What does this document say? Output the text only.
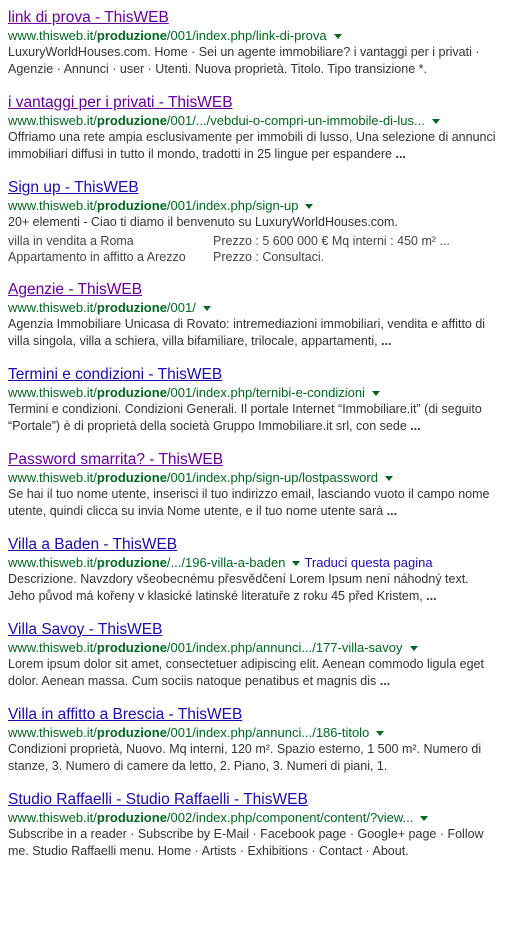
link di prova - ThisWEB
www.thisweb.it/produzione/001/index.php/link-di-prova
LuxuryWorldHouses.com. Home · Sei un agente immobiliare? i vantaggi per i privati ·
Agenzie · Annunci · user · Utenti. Nuova proprietà. Titolo. Tipo transizione *.
i vantaggi per i privati - ThisWEB
www.thisweb.it/produzione/001/.../vebdui-o-compri-un-immobile-di-lus...
Offriamo una rete ampia esclusivamente per immobili di lusso, Una selezione di annunci
immobiliari diffusi in tutto il mondo, tradotti in 25 lingue per espandere ...
Sign up - ThisWEB
www.thisweb.it/produzione/001/index.php/sign-up
20+ elementi - Ciao ti diamo il benvenuto su LuxuryWorldHouses.com.
villa in vendita a Roma	Prezzo : 5 600 000 € Mq interni : 450 m² ...
Appartamento in affitto a Arezzo	Prezzo : Consultaci.
Agenzie - ThisWEB
www.thisweb.it/produzione/001/
Agenzia Immobiliare Unicasa di Rovato: intremediazioni immobiliari, vendita e affitto di
villa singola, villa a schiera, villa bifamiliare, trilocale, appartamenti, ...
Termini e condizioni - ThisWEB
www.thisweb.it/produzione/001/index.php/ternibi-e-condizioni
Termini e condizioni. Condizioni Generali. Il portale Internet “Immobiliare.it” (di seguito
“Portale”) è di proprietà della società Gruppo Immobiliare.it srl, con sede ...
Password smarrita? - ThisWEB
www.thisweb.it/produzione/001/index.php/sign-up/lostpassword
Se hai il tuo nome utente, inserisci il tuo indirizzo email, lasciando vuoto il campo nome
utente, quindi clicca su invia Nome utente, e il tuo nome utente sarà ...
Villa a Baden - ThisWEB
www.thisweb.it/produzione/.../196-villa-a-baden Traduci questa pagina
Descrizione. Navzdory všeobecnému přesvědčení Lorem Ipsum není náhodný text.
Jeho původ má kořeny v klasické latinské literatuře z roku 45 před Kristem, ...
Villa Savoy - ThisWEB
www.thisweb.it/produzione/001/index.php/annunci.../177-villa-savoy
Lorem ipsum dolor sit amet, consectetuer adipiscing elit. Aenean commodo ligula eget
dolor. Aenean massa. Cum sociis natoque penatibus et magnis dis ...
Villa in affitto a Brescia - ThisWEB
www.thisweb.it/produzione/001/index.php/annunci.../186-titolo
Condizioni proprietà, Nuovo. Mq interni, 120 m². Spazio esterno, 1 500 m². Numero di
stanze, 3. Numero di camere da letto, 2. Piano, 3. Numeri di piani, 1.
Studio Raffaelli - Studio Raffaelli - ThisWEB
www.thisweb.it/produzione/002/index.php/component/content/?view...
Subscribe in a reader · Subscribe by E-Mail · Facebook page · Google+ page · Follow
me. Studio Raffaelli menu. Home · Artists · Exhibitions · Contact · About.
